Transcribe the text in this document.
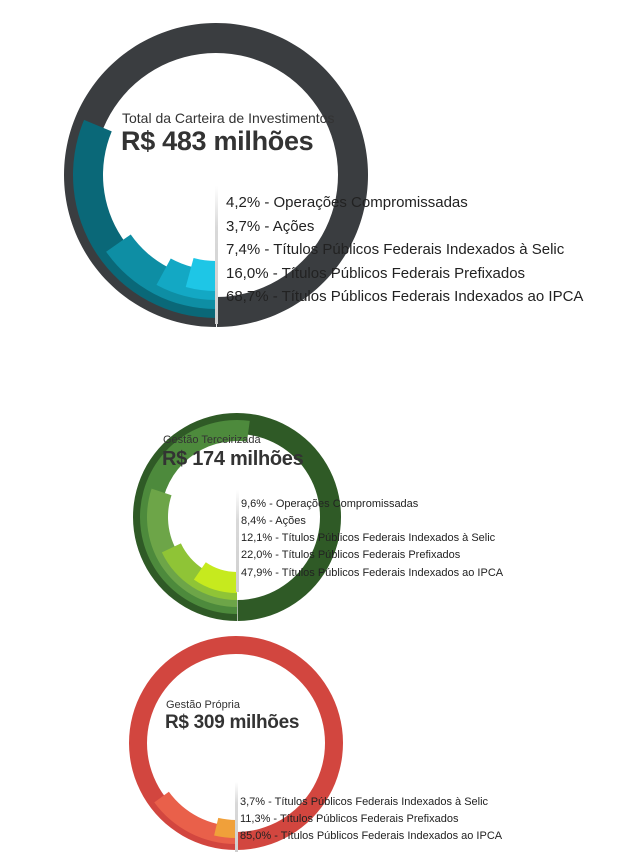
Total da Carteira de Investimentos
R$ 483 milhões
4,2% - Operações Compromissadas
3,7% - Ações
7,4% - Títulos Públicos Federais Indexados à Selic
16,0% - Títulos Públicos Federais Prefixados
68,7% - Títulos Públicos Federais Indexados ao IPCA
Gestão Terceirizada
R$ 174 milhões
9,6% - Operações Compromissadas
8,4% - Ações
12,1% - Títulos Públicos Federais Indexados à Selic
22,0% - Títulos Públicos Federais Prefixados
47,9% - Títulos Públicos Federais Indexados ao IPCA
Gestão Própria
R$ 309 milhões
3,7% - Títulos Públicos Federais Indexados à Selic
11,3% - Títulos Públicos Federais Prefixados
85,0% - Títulos Públicos Federais Indexados ao IPCA
